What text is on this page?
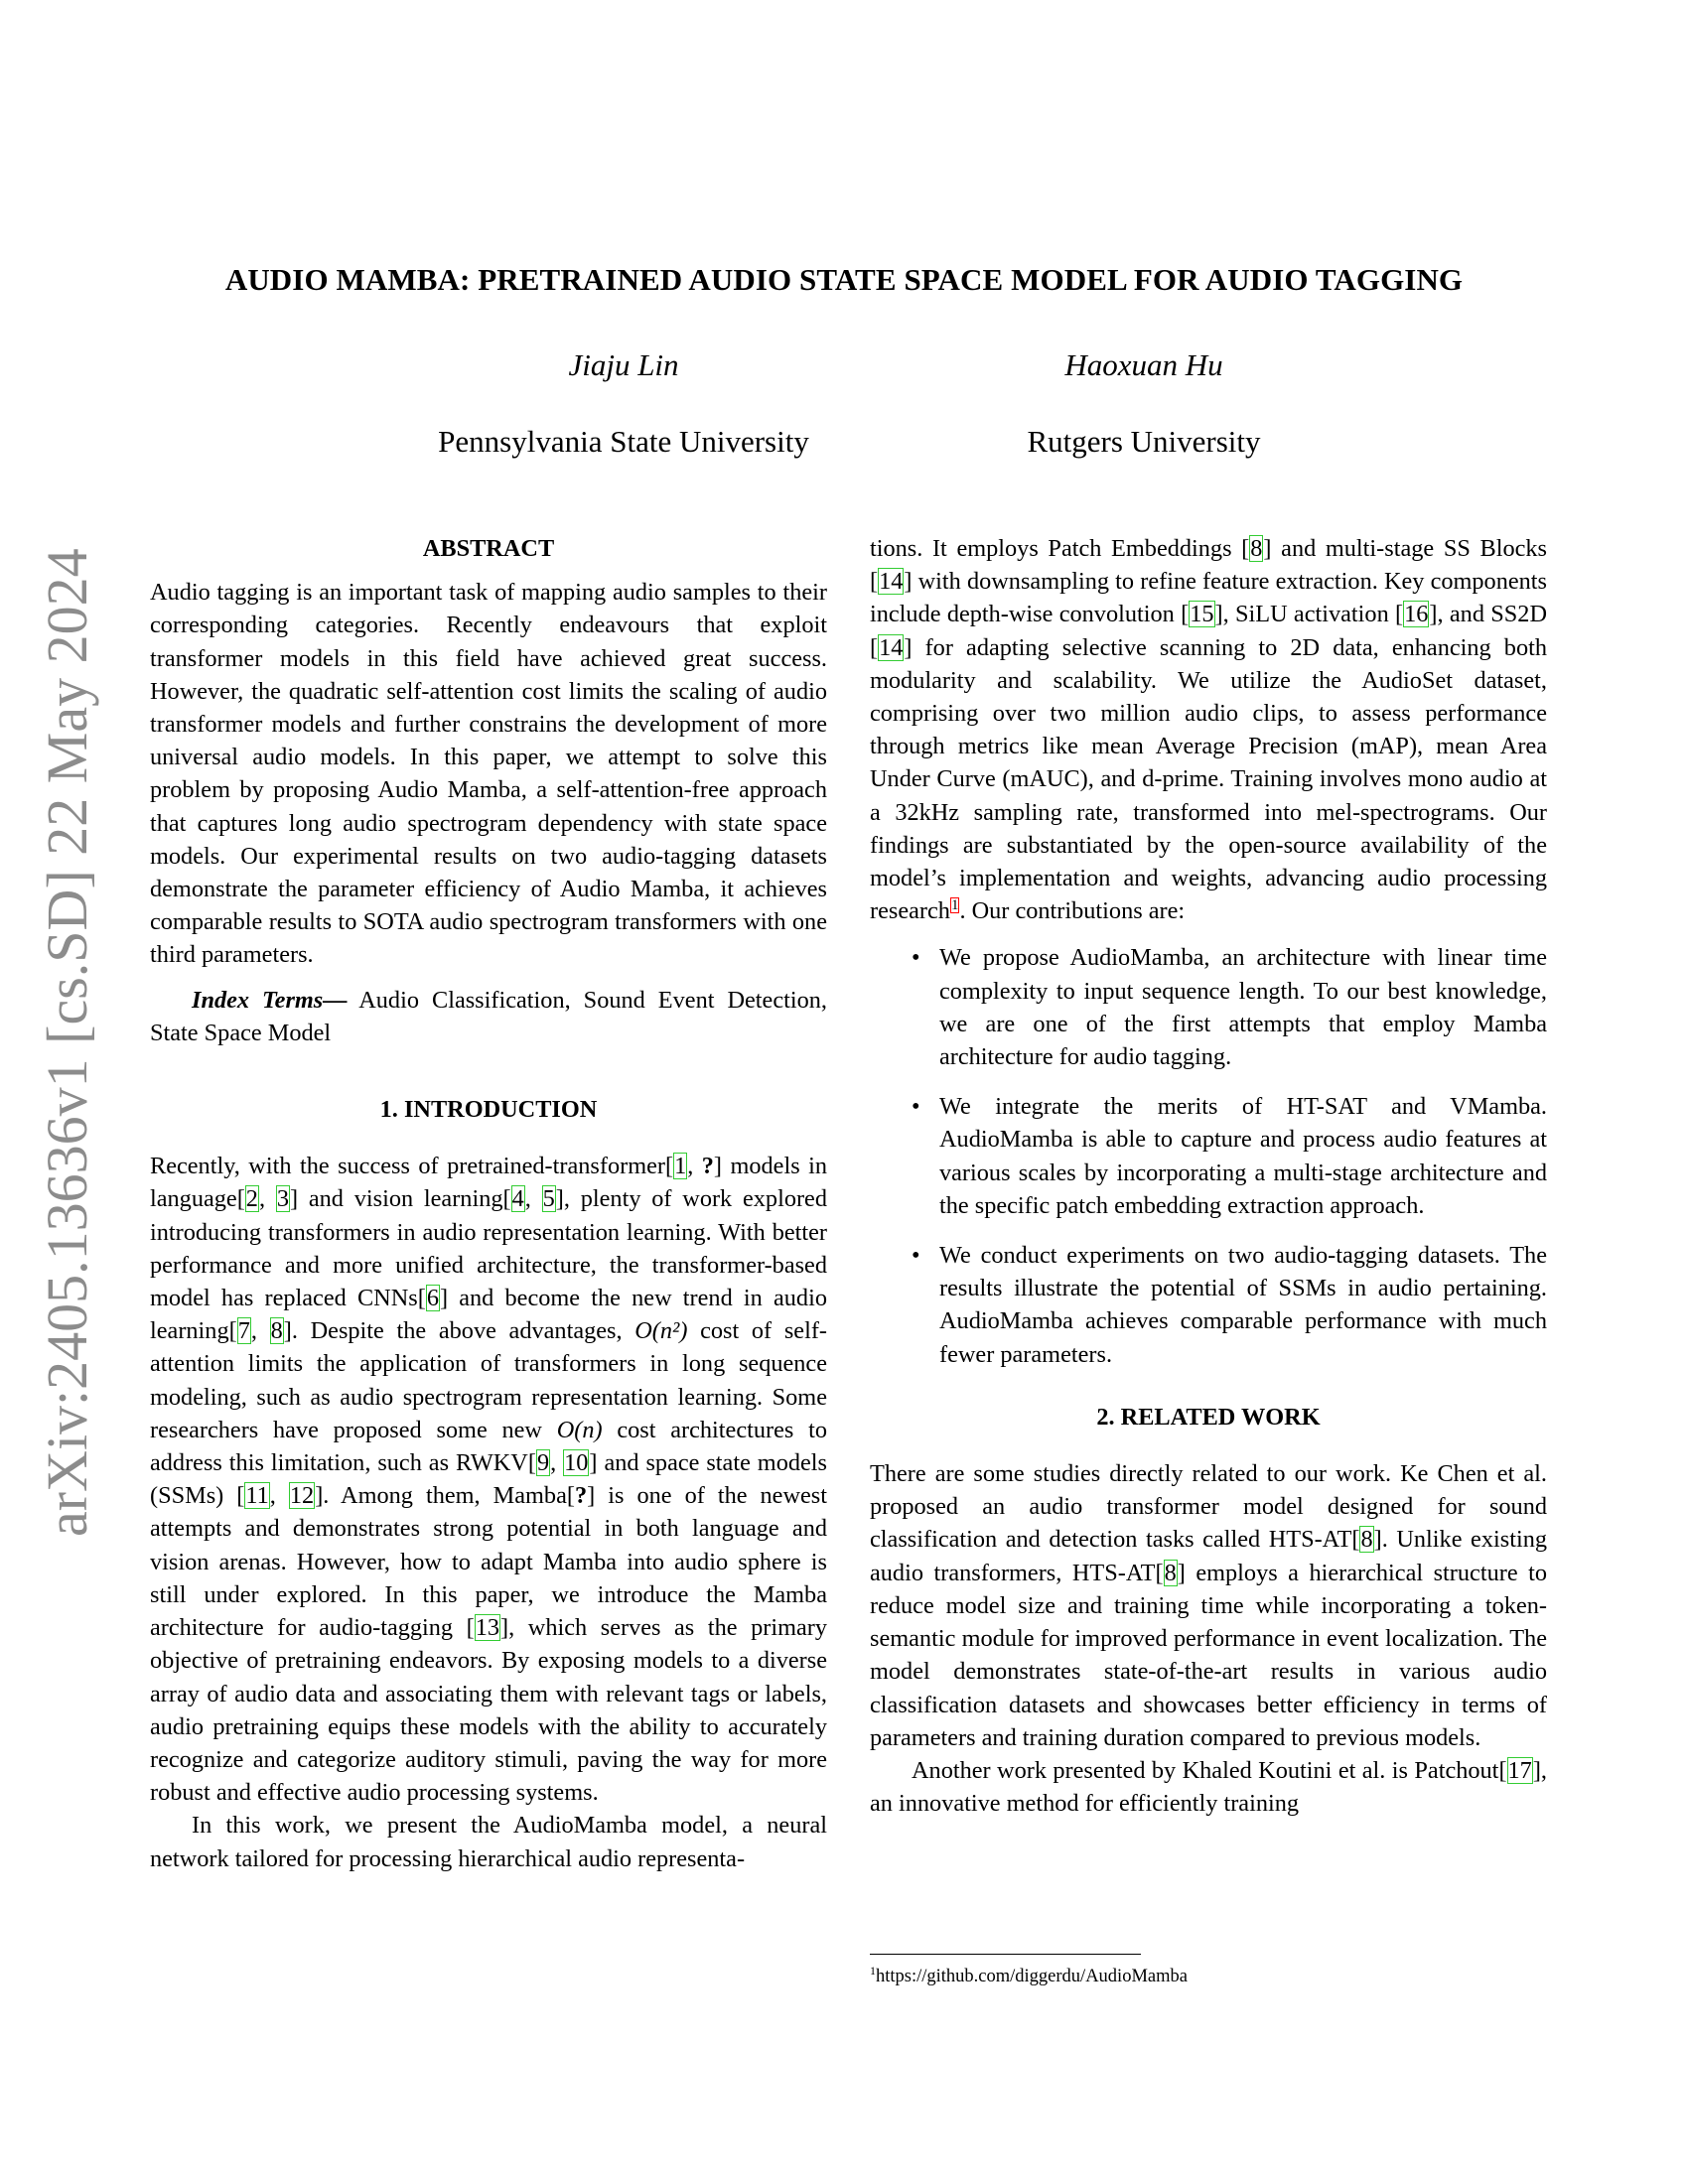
arXiv:2405.13636v1 [cs.SD] 22 May 2024
AUDIO MAMBA: PRETRAINED AUDIO STATE SPACE MODEL FOR AUDIO TAGGING
Jiaju Lin
Pennsylvania State University
Haoxuan Hu
Rutgers University
ABSTRACT

Audio tagging is an important task of mapping audio samples to their corresponding categories. Recently endeavours that exploit transformer models in this field have achieved great success. However, the quadratic self-attention cost limits the scaling of audio transformer models and further constrains the development of more universal audio models. In this paper, we attempt to solve this problem by proposing Audio Mamba, a self-attention-free approach that captures long audio spectrogram dependency with state space models. Our experimental results on two audio-tagging datasets demonstrate the parameter efficiency of Audio Mamba, it achieves comparable results to SOTA audio spectrogram transformers with one third parameters.

Index Terms— Audio Classification, Sound Event Detection, State Space Model

1. INTRODUCTION

Recently, with the success of pretrained-transformer[1, ?] models in language[2, 3] and vision learning[4, 5], plenty of work explored introducing transformers in audio representation learning. With better performance and more unified architecture, the transformer-based model has replaced CNNs[6] and become the new trend in audio learning[7, 8]. Despite the above advantages, O(n²) cost of self-attention limits the application of transformers in long sequence modeling, such as audio spectrogram representation learning. Some researchers have proposed some new O(n) cost architectures to address this limitation, such as RWKV[9, 10] and space state models (SSMs) [11, 12]. Among them, Mamba[?] is one of the newest attempts and demonstrates strong potential in both language and vision arenas. However, how to adapt Mamba into audio sphere is still under explored. In this paper, we introduce the Mamba architecture for audio-tagging [13], which serves as the primary objective of pretraining endeavors. By exposing models to a diverse array of audio data and associating them with relevant tags or labels, audio pretraining equips these models with the ability to accurately recognize and categorize auditory stimuli, paving the way for more robust and effective audio processing systems.

In this work, we present the AudioMamba model, a neural network tailored for processing hierarchical audio representa-

tions. It employs Patch Embeddings [8] and multi-stage SS Blocks [14] with downsampling to refine feature extraction. Key components include depth-wise convolution [15], SiLU activation [16], and SS2D [14] for adapting selective scanning to 2D data, enhancing both modularity and scalability. We utilize the AudioSet dataset, comprising over two million audio clips, to assess performance through metrics like mean Average Precision (mAP), mean Area Under Curve (mAUC), and d-prime. Training involves mono audio at a 32kHz sampling rate, transformed into mel-spectrograms. Our findings are substantiated by the open-source availability of the model’s implementation and weights, advancing audio processing research$^1$. Our contributions are:

• We propose AudioMamba, an architecture with linear time complexity to input sequence length. To our best knowledge, we are one of the first attempts that employ Mamba architecture for audio tagging.
• We integrate the merits of HT-SAT and VMamba. AudioMamba is able to capture and process audio features at various scales by incorporating a multi-stage architecture and the specific patch embedding extraction approach.
• We conduct experiments on two audio-tagging datasets. The results illustrate the potential of SSMs in audio pertaining. AudioMamba achieves comparable performance with much fewer parameters.
2. RELATED WORK

There are some studies directly related to our work. Ke Chen et al. proposed an audio transformer model designed for sound classification and detection tasks called HTS-AT[8]. Unlike existing audio transformers, HTS-AT[8] employs a hierarchical structure to reduce model size and training time while incorporating a token-semantic module for improved performance in event localization. The model demonstrates state-of-the-art results in various audio classification datasets and showcases better efficiency in terms of parameters and training duration compared to previous models.

Another work presented by Khaled Koutini et al. is Patchout[17], an innovative method for efficiently training

$^1$https://github.com/diggerdu/AudioMamba
